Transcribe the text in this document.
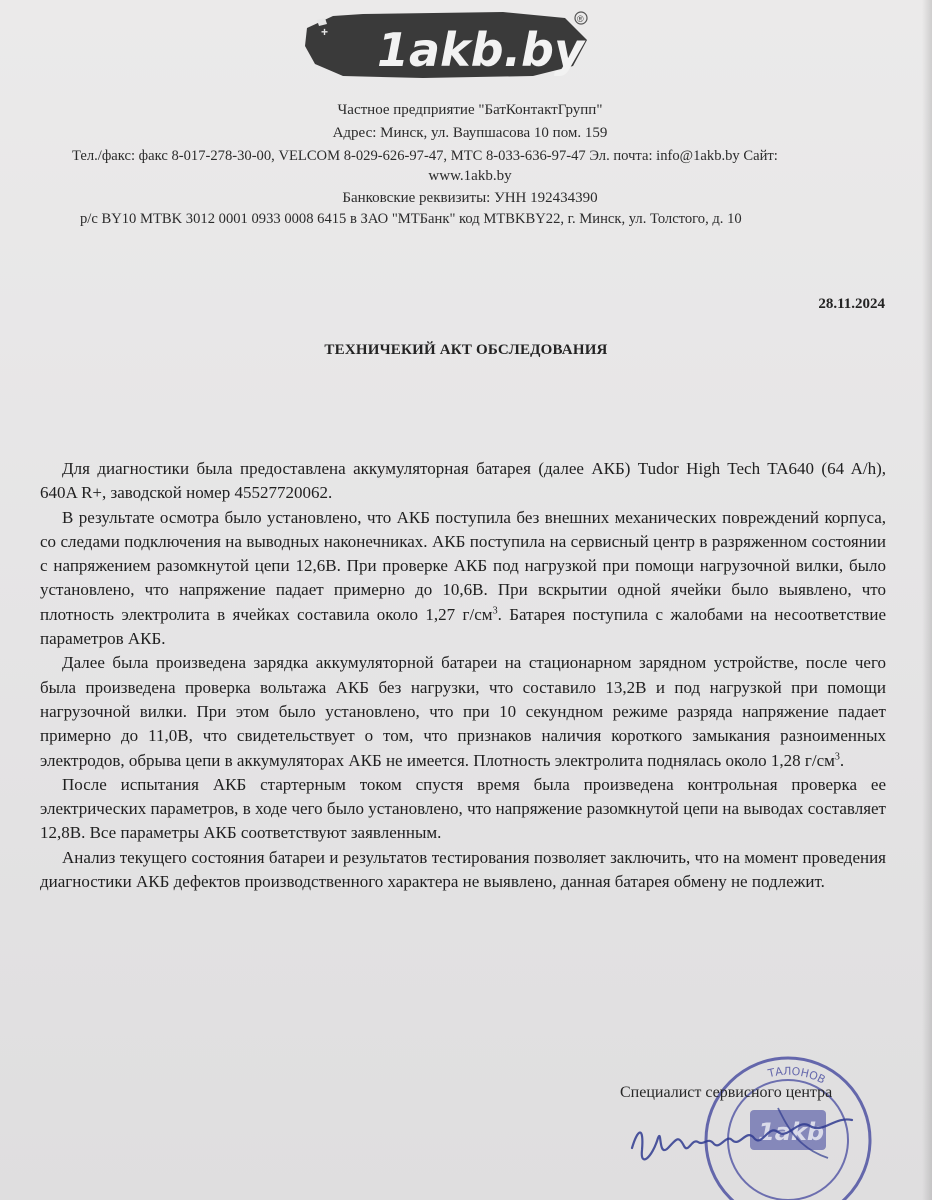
+ 1akb.by
®
Частное предприятие "БатКонтактГрупп"
Адрес: Минск, ул. Ваупшасова 10 пом. 159
Тел./факс: факс 8-017-278-30-00, VELCOM 8-029-626-97-47, МТС 8-033-636-97-47 Эл. почта: info@1akb.by Сайт:
www.1akb.by
Банковские реквизиты: УНН 192434390
р/с BY10 MTBK 3012 0001 0933 0008 6415 в ЗАО "МТБанк" код MTBKBY22, г. Минск, ул. Толстого, д. 10
28.11.2024
ТЕХНИЧЕКИЙ АКТ ОБСЛЕДОВАНИЯ

Для диагностики была предоставлена аккумуляторная батарея (далее АКБ) Tudor High Tech TA640 (64 A/h), 640A R+, заводской номер 45527720062.

В результате осмотра было установлено, что АКБ поступила без внешних механических повреждений корпуса, со следами подключения на выводных наконечниках. АКБ поступила на сервисный центр в разряженном состоянии с напряжением разомкнутой цепи 12,6В. При проверке АКБ под нагрузкой при помощи нагрузочной вилки, было установлено, что напряжение падает примерно до 10,6В. При вскрытии одной ячейки было выявлено, что плотность электролита в ячейках составила около 1,27 $г/см^3$. Батарея поступила с жалобами на несоответствие параметров АКБ.

Далее была произведена зарядка аккумуляторной батареи на стационарном зарядном устройстве, после чего была произведена проверка вольтажа АКБ без нагрузки, что составило 13,2В и под нагрузкой при помощи нагрузочной вилки. При этом было установлено, что при 10 секундном режиме разряда напряжение падает примерно до 11,0В, что свидетельствует о том, что признаков наличия короткого замыкания разноименных электродов, обрыва цепи в аккумуляторах АКБ не имеется. Плотность электролита поднялась около 1,28 $г/см^3$.

После испытания АКБ стартерным током спустя время была произведена контрольная проверка ее электрических параметров, в ходе чего было установлено, что напряжение разомкнутой цепи на выводах составляет 12,8В. Все параметры АКБ соответствуют заявленным.

Анализ текущего состояния батареи и результатов тестирования позволяет заключить, что на момент проведения диагностики АКБ дефектов производственного характера не выявлено, данная батарея обмену не подлежит.

ТАЛОНОВ
1akb
Специалист сервисного центра
